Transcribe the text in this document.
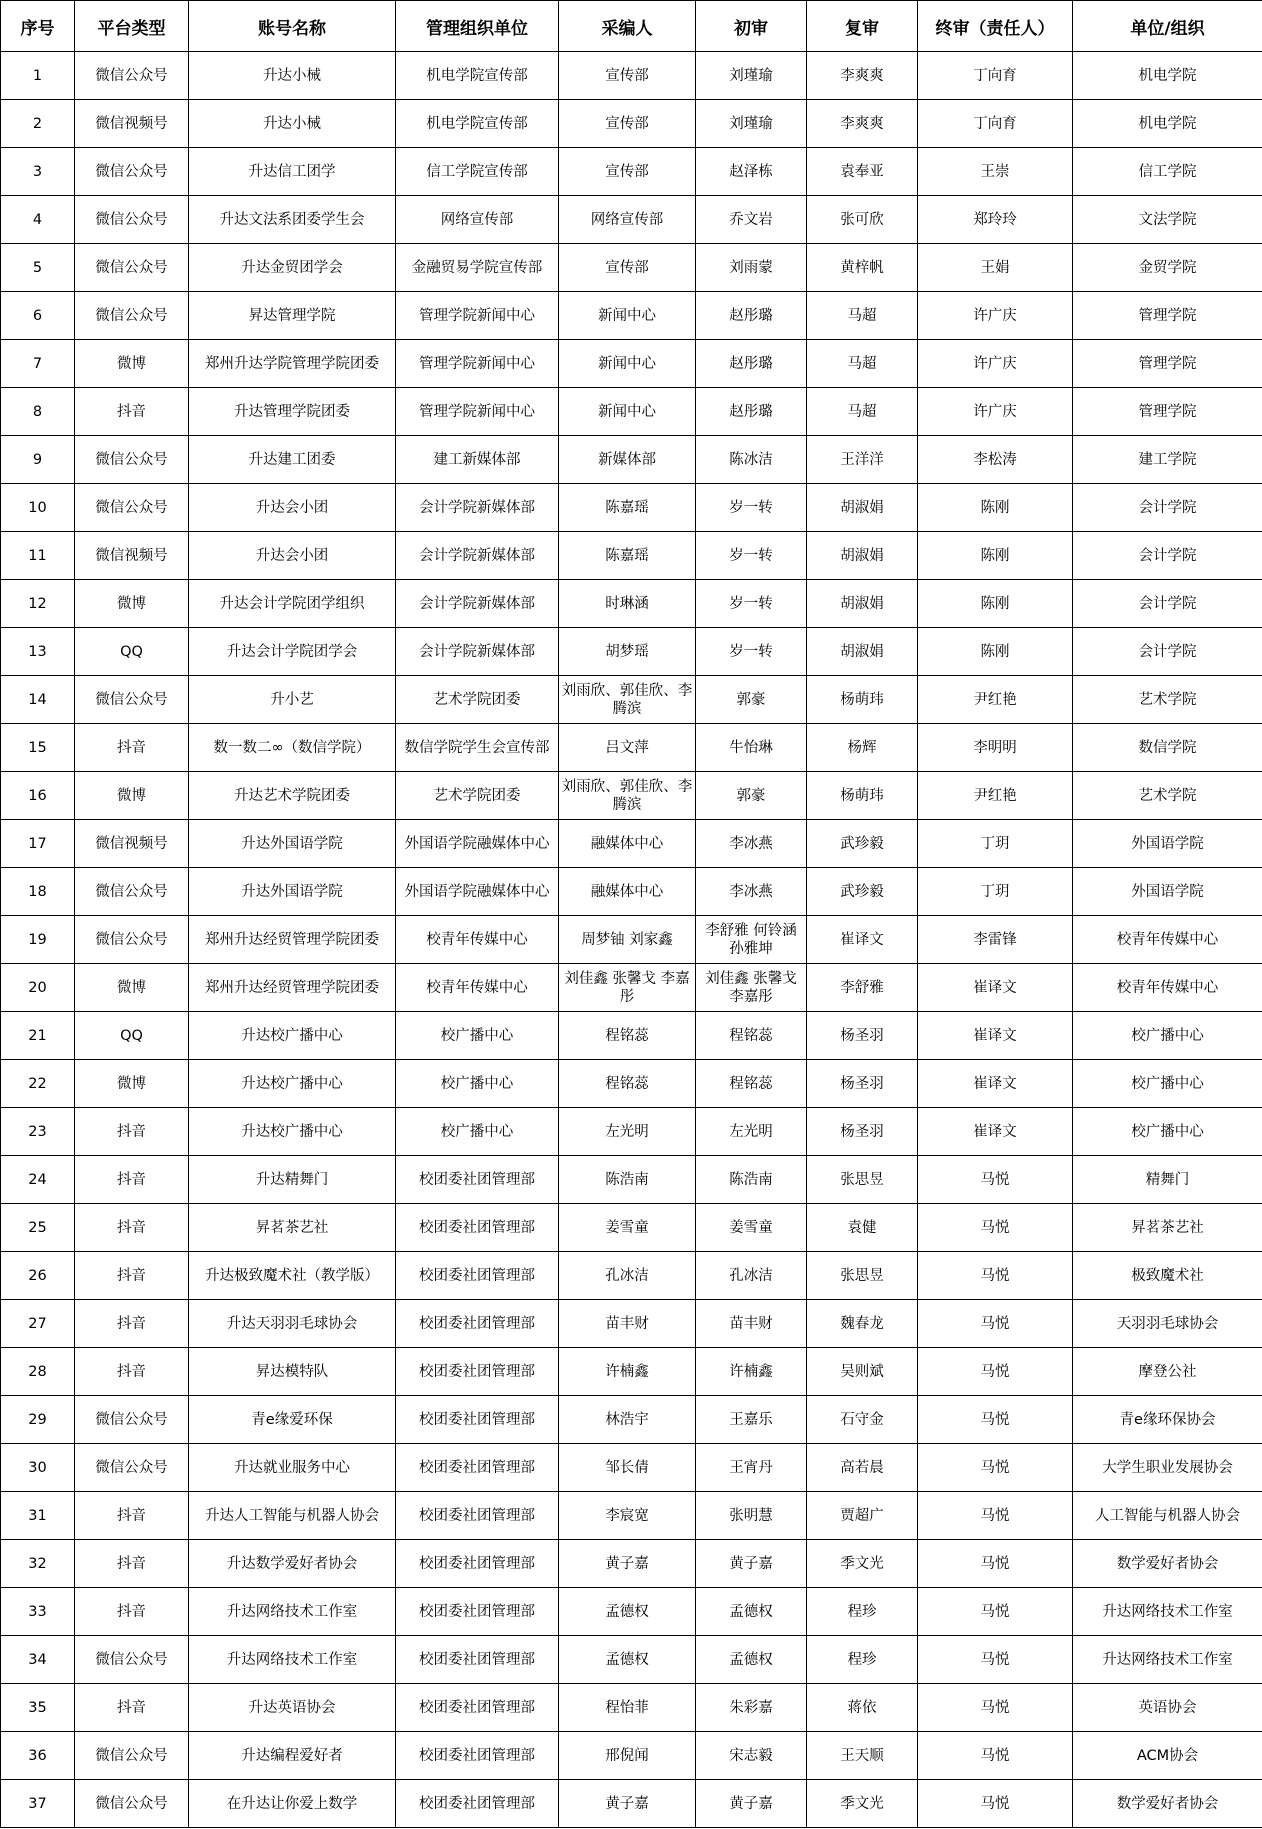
序号	平台类型	账号名称	管理组织单位	采编人	初审	复审	终审（责任人）	单位/组织
1	微信公众号	升达小械	机电学院宣传部	宣传部	刘瑾瑜	李爽爽	丁向育	机电学院
2	微信视频号	升达小械	机电学院宣传部	宣传部	刘瑾瑜	李爽爽	丁向育	机电学院
3	微信公众号	升达信工团学	信工学院宣传部	宣传部	赵泽栋	袁奉亚	王崇	信工学院
4	微信公众号	升达文法系团委学生会	网络宣传部	网络宣传部	乔文岩	张可欣	郑玲玲	文法学院
5	微信公众号	升达金贸团学会	金融贸易学院宣传部	宣传部	刘雨蒙	黄梓帆	王娟	金贸学院
6	微信公众号	昇达管理学院	管理学院新闻中心	新闻中心	赵彤璐	马超	许广庆	管理学院
7	微博	郑州升达学院管理学院团委	管理学院新闻中心	新闻中心	赵彤璐	马超	许广庆	管理学院
8	抖音	升达管理学院团委	管理学院新闻中心	新闻中心	赵彤璐	马超	许广庆	管理学院
9	微信公众号	升达建工团委	建工新媒体部	新媒体部	陈冰洁	王洋洋	李松涛	建工学院
10	微信公众号	升达会小团	会计学院新媒体部	陈嘉瑶	岁一转	胡淑娟	陈刚	会计学院
11	微信视频号	升达会小团	会计学院新媒体部	陈嘉瑶	岁一转	胡淑娟	陈刚	会计学院
12	微博	升达会计学院团学组织	会计学院新媒体部	时琳涵	岁一转	胡淑娟	陈刚	会计学院
13	QQ	升达会计学院团学会	会计学院新媒体部	胡梦瑶	岁一转	胡淑娟	陈刚	会计学院
14	微信公众号	升小艺	艺术学院团委	刘雨欣、郭佳欣、李腾滨	郭豪	杨萌玮	尹红艳	艺术学院
15	抖音	数一数二∞（数信学院）	数信学院学生会宣传部	吕文萍	牛怡琳	杨辉	李明明	数信学院
16	微博	升达艺术学院团委	艺术学院团委	刘雨欣、郭佳欣、李腾滨	郭豪	杨萌玮	尹红艳	艺术学院
17	微信视频号	升达外国语学院	外国语学院融媒体中心	融媒体中心	李冰燕	武珍毅	丁玥	外国语学院
18	微信公众号	升达外国语学院	外国语学院融媒体中心	融媒体中心	李冰燕	武珍毅	丁玥	外国语学院
19	微信公众号	郑州升达经贸管理学院团委	校青年传媒中心	周梦铀 刘家鑫	李舒雅 何铃涵 孙雅坤	崔译文	李雷锋	校青年传媒中心
20	微博	郑州升达经贸管理学院团委	校青年传媒中心	刘佳鑫 张馨戈 李嘉彤	刘佳鑫 张馨戈 李嘉彤	李舒雅	崔译文	校青年传媒中心
21	QQ	升达校广播中心	校广播中心	程铭蕊	程铭蕊	杨圣羽	崔译文	校广播中心
22	微博	升达校广播中心	校广播中心	程铭蕊	程铭蕊	杨圣羽	崔译文	校广播中心
23	抖音	升达校广播中心	校广播中心	左光明	左光明	杨圣羽	崔译文	校广播中心
24	抖音	升达精舞门	校团委社团管理部	陈浩南	陈浩南	张思昱	马悦	精舞门
25	抖音	昇茗茶艺社	校团委社团管理部	姜雪童	姜雪童	袁健	马悦	昇茗茶艺社
26	抖音	升达极致魔术社（教学版）	校团委社团管理部	孔冰洁	孔冰洁	张思昱	马悦	极致魔术社
27	抖音	升达天羽羽毛球协会	校团委社团管理部	苗丰财	苗丰财	魏春龙	马悦	天羽羽毛球协会
28	抖音	昇达模特队	校团委社团管理部	许楠鑫	许楠鑫	吴则斌	马悦	摩登公社
29	微信公众号	青e缘爱环保	校团委社团管理部	林浩宇	王嘉乐	石守金	马悦	青e缘环保协会
30	微信公众号	升达就业服务中心	校团委社团管理部	邹长倩	王宵丹	高若晨	马悦	大学生职业发展协会
31	抖音	升达人工智能与机器人协会	校团委社团管理部	李宸宽	张明慧	贾超广	马悦	人工智能与机器人协会
32	抖音	升达数学爱好者协会	校团委社团管理部	黄子嘉	黄子嘉	季文光	马悦	数学爱好者协会
33	抖音	升达网络技术工作室	校团委社团管理部	孟德权	孟德权	程珍	马悦	升达网络技术工作室
34	微信公众号	升达网络技术工作室	校团委社团管理部	孟德权	孟德权	程珍	马悦	升达网络技术工作室
35	抖音	升达英语协会	校团委社团管理部	程怡菲	朱彩嘉	蒋依	马悦	英语协会
36	微信公众号	升达编程爱好者	校团委社团管理部	邢倪闻	宋志毅	王天顺	马悦	ACM协会
37	微信公众号	在升达让你爱上数学	校团委社团管理部	黄子嘉	黄子嘉	季文光	马悦	数学爱好者协会
